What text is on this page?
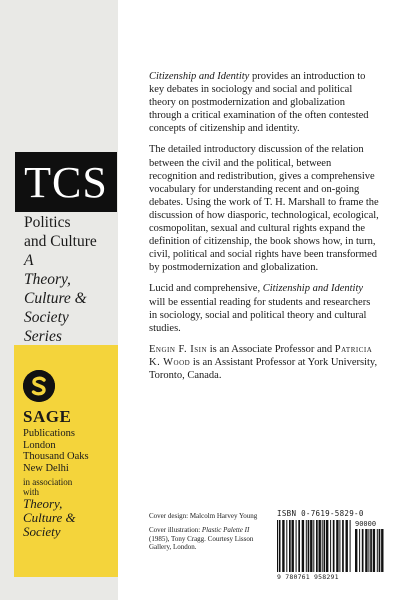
TCS
Politics
and Culture
A
Theory,
Culture &
Society
Series
SAGE
Publications
London
Thousand Oaks
New Delhi
in association
with
Theory,
Culture &
Society

Citizenship and Identity provides an introduction to key debates in sociology and social and political theory on postmodernization and globalization through a critical examination of the often contested concepts of citizenship and identity.

The detailed introductory discussion of the relation between the civil and the political, between recognition and redistribution, gives a comprehensive vocabulary for understanding recent and on-going debates. Using the work of T. H. Marshall to frame the discussion of how diasporic, technological, ecological, cosmopolitan, sexual and cultural rights expand the definition of citizenship, the book shows how, in turn, civil, political and social rights have been transformed by postmodernization and globalization.

Lucid and comprehensive, Citizenship and Identity will be essential reading for students and researchers in sociology, social and political theory and cultural studies.

Engin F. Isin is an Associate Professor and Patricia K. Wood is an Assistant Professor at York University, Toronto, Canada.

Cover design: Malcolm Harvey Young
Cover illustration: Plastic Palette II (1985), Tony Cragg. Courtesy Lisson Gallery, London.
ISBN 0-7619-5829-0
90000
9 780761 958291
